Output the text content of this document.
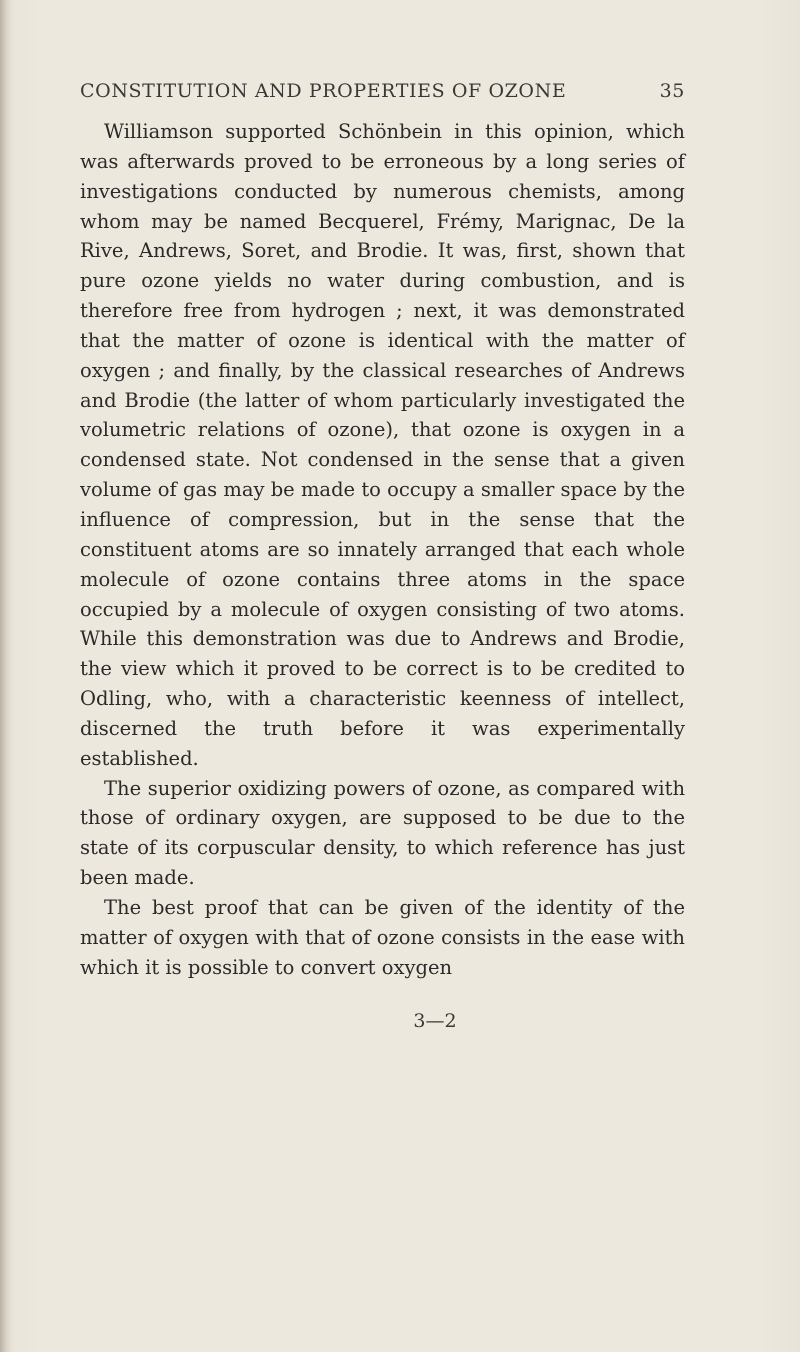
CONSTITUTION AND PROPERTIES OF OZONE	35

Williamson supported Schönbein in this opinion, which was afterwards proved to be erroneous by a long series of investigations conducted by numerous chemists, among whom may be named Becquerel, Frémy, Marignac, De la Rive, Andrews, Soret, and Brodie. It was, first, shown that pure ozone yields no water during combustion, and is therefore free from hydrogen ; next, it was demonstrated that the matter of ozone is identical with the matter of oxygen ; and finally, by the classical researches of Andrews and Brodie (the latter of whom particularly investigated the volumetric relations of ozone), that ozone is oxygen in a condensed state. Not condensed in the sense that a given volume of gas may be made to occupy a smaller space by the influence of compression, but in the sense that the constituent atoms are so innately arranged that each whole molecule of ozone contains three atoms in the space occupied by a molecule of oxygen consisting of two atoms. While this demonstration was due to Andrews and Brodie, the view which it proved to be correct is to be credited to Odling, who, with a characteristic keenness of intellect, discerned the truth before it was experimentally established.

The superior oxidizing powers of ozone, as compared with those of ordinary oxygen, are supposed to be due to the state of its corpuscular density, to which reference has just been made.

The best proof that can be given of the identity of the matter of oxygen with that of ozone consists in the ease with which it is possible to convert oxygen

3—2
